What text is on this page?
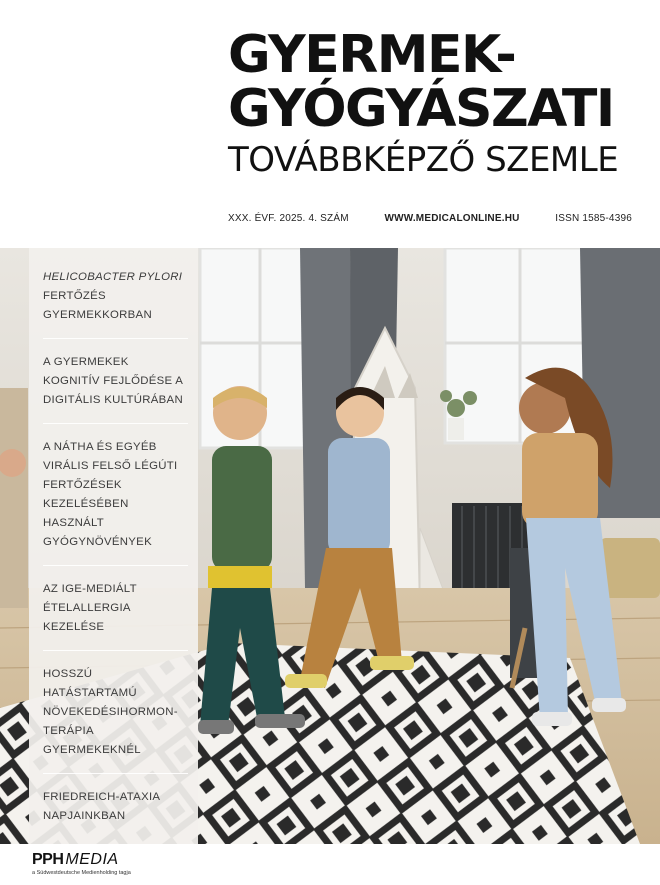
GYERMEK-
GYÓGYÁSZATI
TOVÁBBKÉPZŐ SZEMLE
XXX. ÉVF. 2025. 4. SZÁM	WWW.MEDICALONLINE.HU	ISSN 1585-4396
HELICOBACTER PYLORI FERTŐZÉS GYERMEKKORBAN
A GYERMEKEK KOGNITÍV FEJLŐDÉSE A DIGITÁLIS KULTÚRÁBAN
A NÁTHA ÉS EGYÉB VIRÁLIS FELSŐ LÉGÚTI FERTŐZÉSEK KEZELÉSÉBEN HASZNÁLT GYÓGYNÖVÉNYEK
AZ IGE-MEDIÁLT ÉTELALLERGIA KEZELÉSE
HOSSZÚ HATÁSTARTAMÚ NÖVEKEDÉSIHORMON-TERÁPIA GYERMEKEKNÉL
FRIEDREICH-ATAXIA NAPJAINKBAN
PPH MEDIA
a Südwestdeutsche Medienholding tagja
